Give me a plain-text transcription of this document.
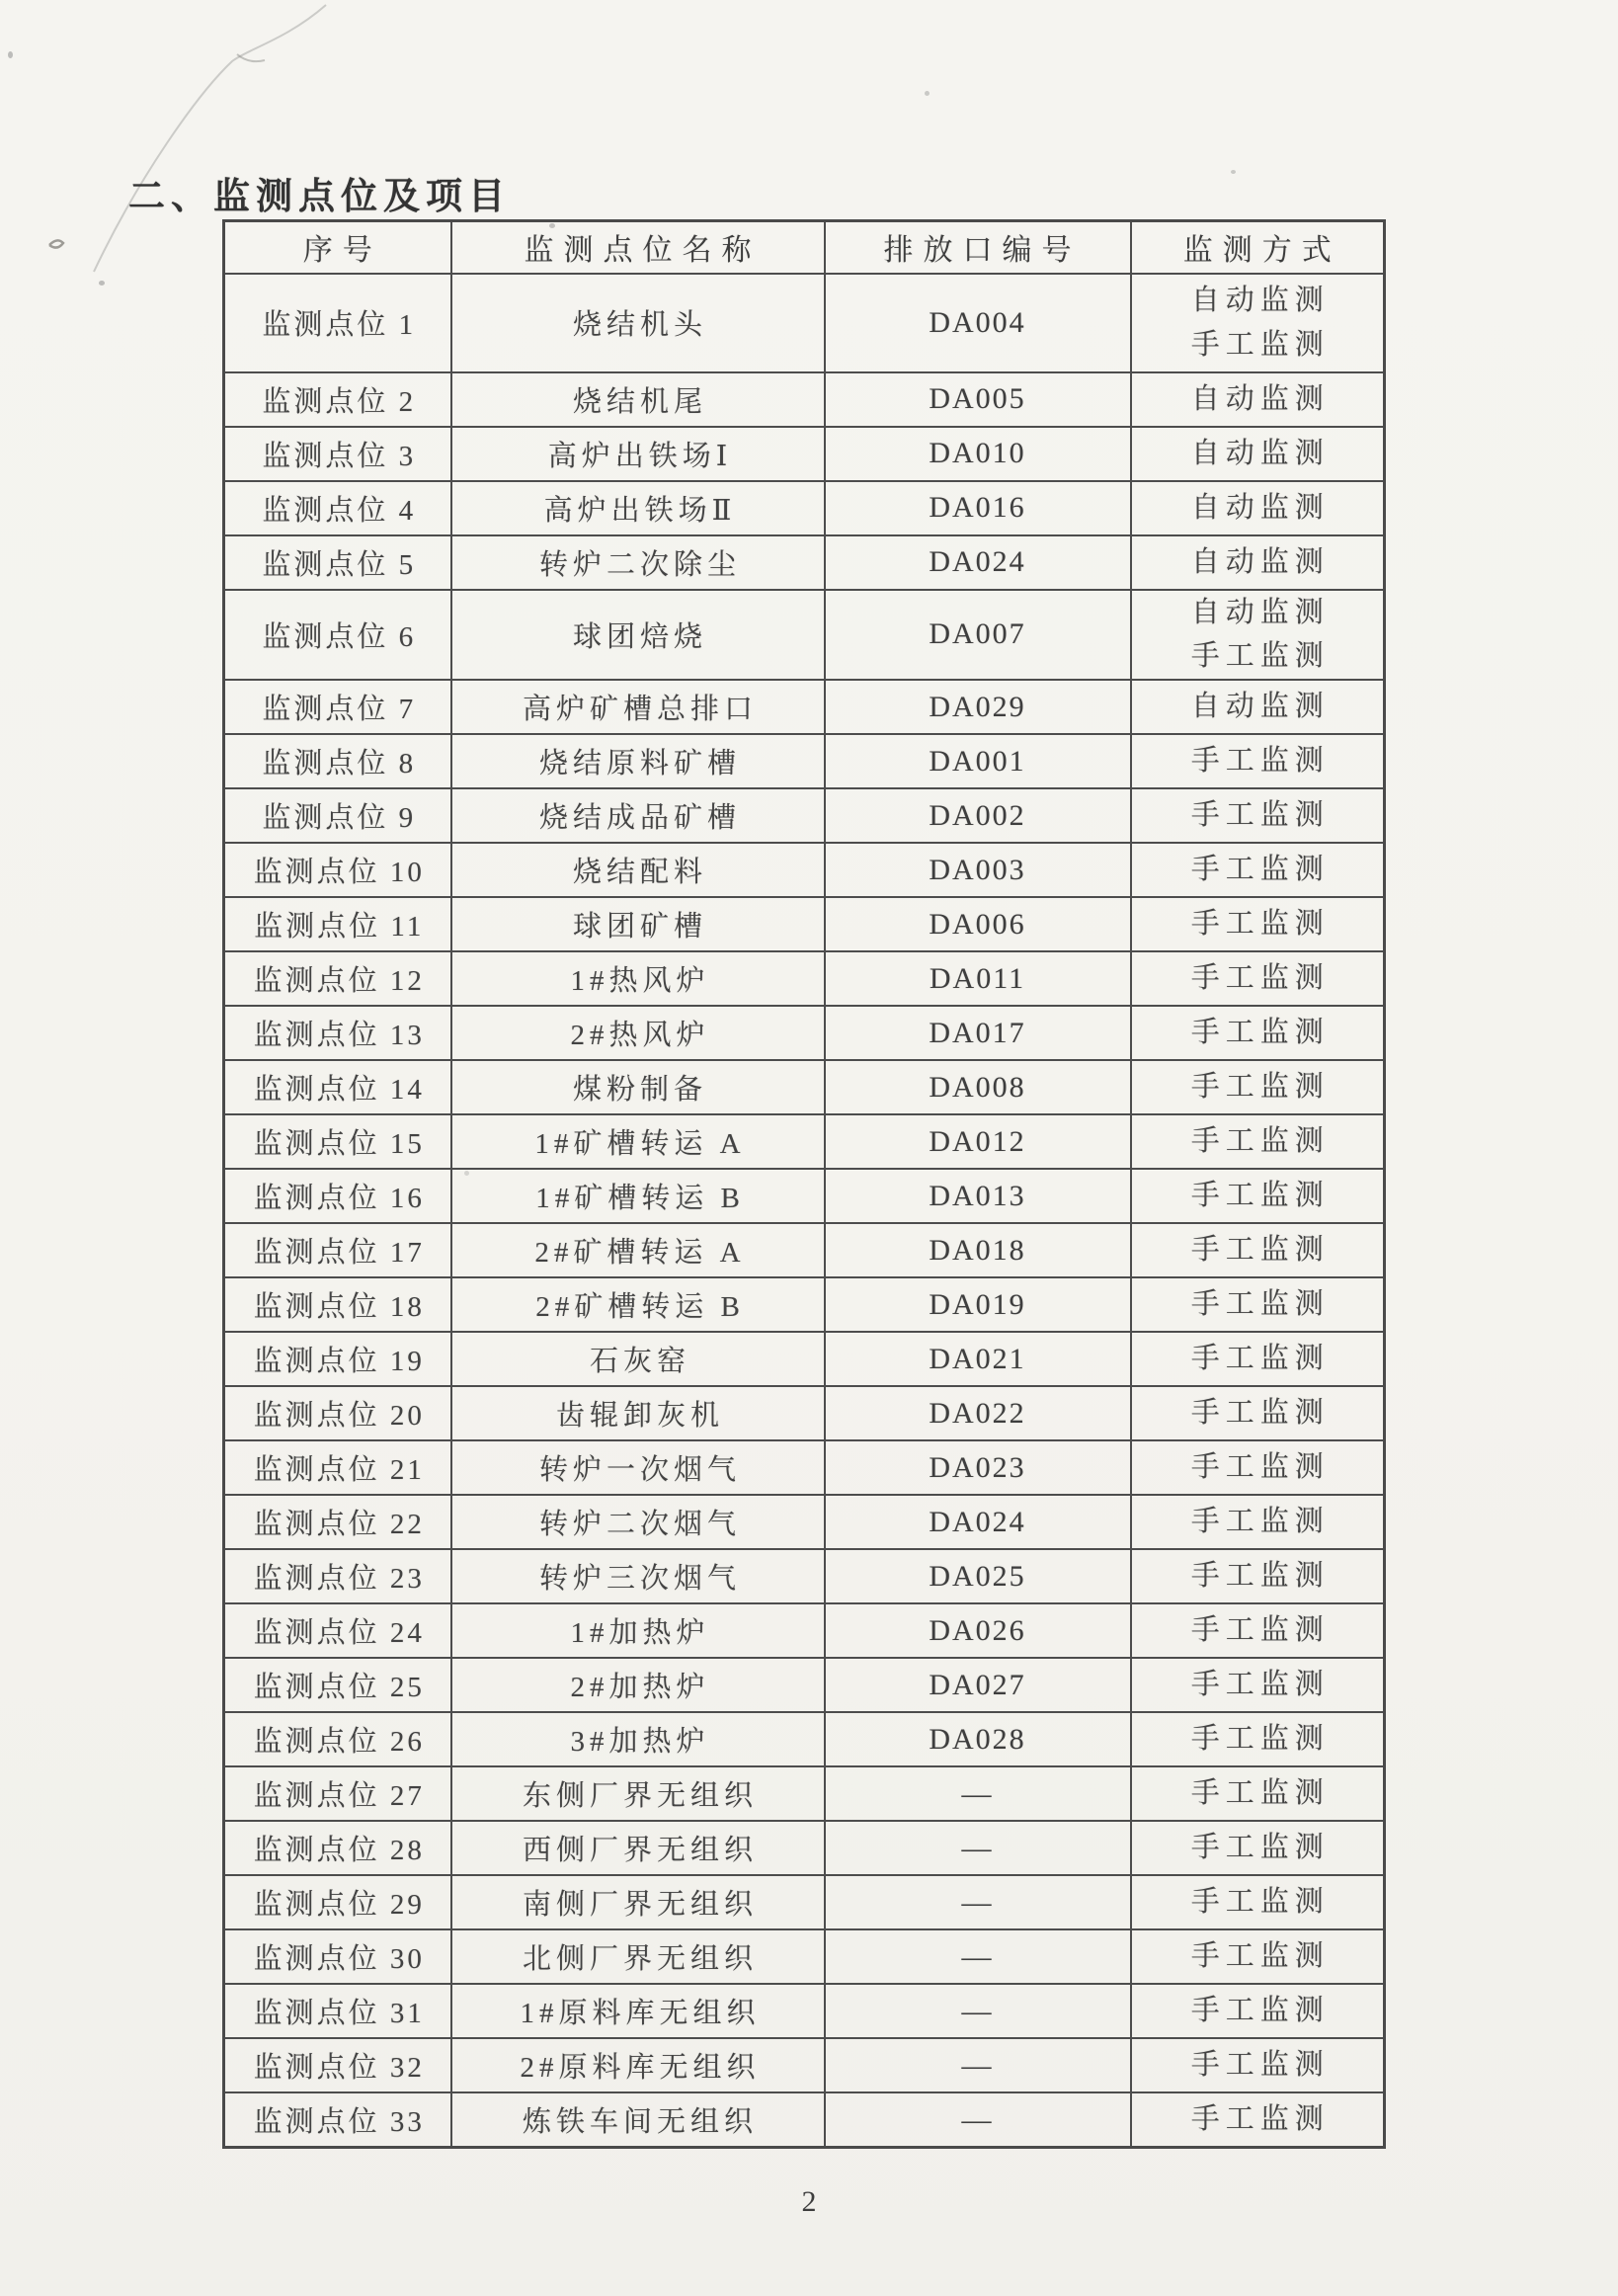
二、监测点位及项目
序号	监测点位名称	排放口编号	监测方式
监测点位 1	烧结机头	DA004	自动监测
手工监测

监测点位 2	烧结机尾	DA005	自动监测

监测点位 3	高炉出铁场Ⅰ	DA010	自动监测

监测点位 4	高炉出铁场Ⅱ	DA016	自动监测

监测点位 5	转炉二次除尘	DA024	自动监测

监测点位 6	球团焙烧	DA007	自动监测
手工监测

监测点位 7	高炉矿槽总排口	DA029	自动监测

监测点位 8	烧结原料矿槽	DA001	手工监测

监测点位 9	烧结成品矿槽	DA002	手工监测

监测点位 10	烧结配料	DA003	手工监测

监测点位 11	球团矿槽	DA006	手工监测

监测点位 12	1#热风炉	DA011	手工监测

监测点位 13	2#热风炉	DA017	手工监测

监测点位 14	煤粉制备	DA008	手工监测

监测点位 15	1#矿槽转运 A	DA012	手工监测

监测点位 16	1#矿槽转运 B	DA013	手工监测

监测点位 17	2#矿槽转运 A	DA018	手工监测

监测点位 18	2#矿槽转运 B	DA019	手工监测

监测点位 19	石灰窑	DA021	手工监测

监测点位 20	齿辊卸灰机	DA022	手工监测

监测点位 21	转炉一次烟气	DA023	手工监测

监测点位 22	转炉二次烟气	DA024	手工监测

监测点位 23	转炉三次烟气	DA025	手工监测

监测点位 24	1#加热炉	DA026	手工监测

监测点位 25	2#加热炉	DA027	手工监测

监测点位 26	3#加热炉	DA028	手工监测

监测点位 27	东侧厂界无组织	—	手工监测

监测点位 28	西侧厂界无组织	—	手工监测

监测点位 29	南侧厂界无组织	—	手工监测

监测点位 30	北侧厂界无组织	—	手工监测

监测点位 31	1#原料库无组织	—	手工监测

监测点位 32	2#原料库无组织	—	手工监测

监测点位 33	炼铁车间无组织	—	手工监测
2
